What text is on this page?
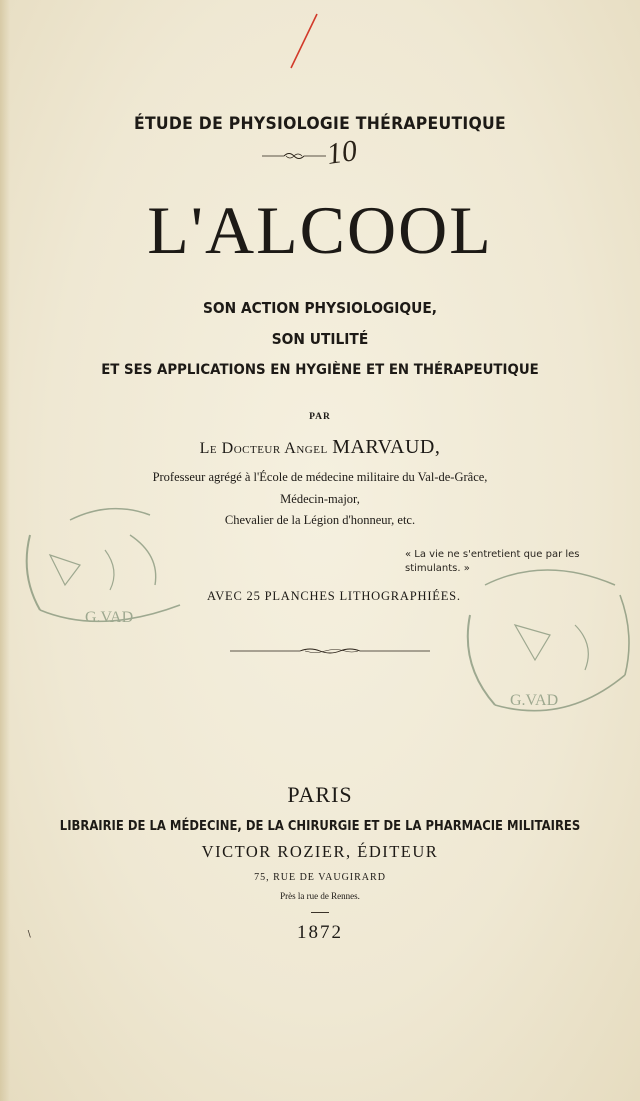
ÉTUDE DE PHYSIOLOGIE THÉRAPEUTIQUE
10
L'ALCOOL
SON ACTION PHYSIOLOGIQUE,
SON UTILITÉ
ET SES APPLICATIONS EN HYGIÈNE ET EN THÉRAPEUTIQUE
PAR
Le Docteur Angel MARVAUD,
Professeur agrégé à l'École de médecine militaire du Val-de-Grâce,
Médecin-major,
Chevalier de la Légion d'honneur, etc.
G.VAD
G.VAD
« La vie ne s'entretient que par les
stimulants. »
AVEC 25 PLANCHES LITHOGRAPHIÉES.
PARIS
LIBRAIRIE DE LA MÉDECINE, DE LA CHIRURGIE ET DE LA PHARMACIE MILITAIRES
VICTOR ROZIER, ÉDITEUR
75, RUE DE VAUGIRARD
Près la rue de Rennes.
1872
∖
